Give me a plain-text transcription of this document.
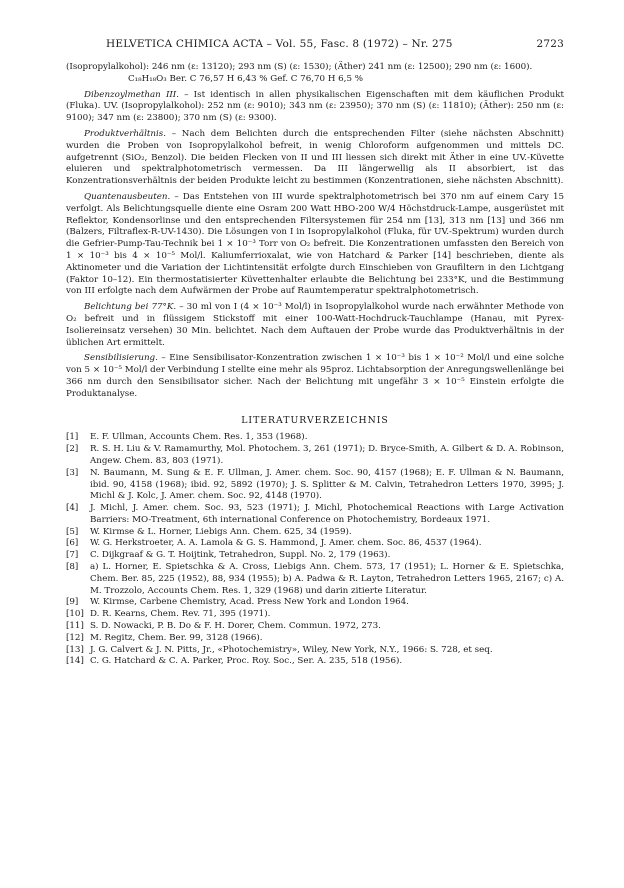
HELVETICA CHIMICA ACTA – Vol. 55, Fasc. 8 (1972) – Nr. 275	2723

(Isopropylalkohol): 246 nm (ε: 13120); 293 nm (S) (ε: 1530); (Äther) 241 nm (ε: 12500); 290 nm (ε: 1600).

C₁₈H₁₈O₃ Ber. C 76,57 H 6,43 % Gef. C 76,70 H 6,5 %

Dibenzoylmethan III. – Ist identisch in allen physikalischen Eigenschaften mit dem käuflichen Produkt (Fluka). UV. (Isopropylalkohol): 252 nm (ε: 9010); 343 nm (ε: 23950); 370 nm (S) (ε: 11810); (Äther): 250 nm (ε: 9100); 347 nm (ε: 23800); 370 nm (S) (ε: 9300).

Produktverhältnis. – Nach dem Belichten durch die entsprechenden Filter (siehe nächsten Abschnitt) wurden die Proben von Isopropylalkohol befreit, in wenig Chloroform aufgenommen und mittels DC. aufgetrennt (SiO₂, Benzol). Die beiden Flecken von II und III liessen sich direkt mit Äther in eine UV.-Küvette eluieren und spektralphotometrisch vermessen. Da III längerwellig als II absorbiert, ist das Konzentrationsverhältnis der beiden Produkte leicht zu bestimmen (Konzentrationen, siehe nächsten Abschnitt).

Quantenausbeuten. – Das Entstehen von III wurde spektralphotometrisch bei 370 nm auf einem Cary 15 verfolgt. Als Belichtungsquelle diente eine Osram 200 Watt HBO-200 W/4 Höchstdruck-Lampe, ausgerüstet mit Reflektor, Kondensorlinse und den entsprechenden Filtersystemen für 254 nm [13], 313 nm [13] und 366 nm (Balzers, Filtraflex-R-UV-1430). Die Lösungen von I in Isopropylalkohol (Fluka, für UV.-Spektrum) wurden durch die Gefrier-Pump-Tau-Technik bei 1 × 10⁻³ Torr von O₂ befreit. Die Konzentrationen umfassten den Bereich von 1 × 10⁻³ bis 4 × 10⁻⁵ Mol/l. Kaliumferrioxalat, wie von Hatchard & Parker [14] beschrieben, diente als Aktinometer und die Variation der Lichtintensität erfolgte durch Einschieben von Graufiltern in den Lichtgang (Faktor 10–12). Ein thermostatisierter Küvettenhalter erlaubte die Belichtung bei 233°K, und die Bestimmung von III erfolgte nach dem Aufwärmen der Probe auf Raumtemperatur spektralphotometrisch.

Belichtung bei 77°K. – 30 ml von I (4 × 10⁻³ Mol/l) in Isopropylalkohol wurde nach erwähnter Methode von O₂ befreit und in flüssigem Stickstoff mit einer 100-Watt-Hochdruck-Tauchlampe (Hanau, mit Pyrex-Isoliereinsatz versehen) 30 Min. belichtet. Nach dem Auftauen der Probe wurde das Produktverhältnis in der üblichen Art ermittelt.

Sensibilisierung. – Eine Sensibilisator-Konzentration zwischen 1 × 10⁻³ bis 1 × 10⁻² Mol/l und eine solche von 5 × 10⁻⁵ Mol/l der Verbindung I stellte eine mehr als 95proz. Lichtabsorption der Anregungswellenlänge bei 366 nm durch den Sensibilisator sicher. Nach der Belichtung mit ungefähr 3 × 10⁻⁵ Einstein erfolgte die Produktanalyse.

LITERATURVERZEICHNIS

[1] E. F. Ullman, Accounts Chem. Res. 1, 353 (1968).

[2] R. S. H. Liu & V. Ramamurthy, Mol. Photochem. 3, 261 (1971); D. Bryce-Smith, A. Gilbert & D. A. Robinson, Angew. Chem. 83, 803 (1971).

[3] N. Baumann, M. Sung & E. F. Ullman, J. Amer. chem. Soc. 90, 4157 (1968); E. F. Ullman & N. Baumann, ibid. 90, 4158 (1968); ibid. 92, 5892 (1970); J. S. Splitter & M. Calvin, Tetrahedron Letters 1970, 3995; J. Michl & J. Kolc, J. Amer. chem. Soc. 92, 4148 (1970).

[4] J. Michl, J. Amer. chem. Soc. 93, 523 (1971); J. Michl, Photochemical Reactions with Large Activation Barriers: MO-Treatment, 6th international Conference on Photochemistry, Bordeaux 1971.

[5] W. Kirmse & L. Horner, Liebigs Ann. Chem. 625, 34 (1959).

[6] W. G. Herkstroeter, A. A. Lamola & G. S. Hammond, J. Amer. chem. Soc. 86, 4537 (1964).

[7] C. Dijkgraaf & G. T. Hoijtink, Tetrahedron, Suppl. No. 2, 179 (1963).

[8] a) L. Horner, E. Spietschka & A. Cross, Liebigs Ann. Chem. 573, 17 (1951); L. Horner & E. Spietschka, Chem. Ber. 85, 225 (1952), 88, 934 (1955); b) A. Padwa & R. Layton, Tetrahedron Letters 1965, 2167; c) A. M. Trozzolo, Accounts Chem. Res. 1, 329 (1968) und darin zitierte Literatur.

[9] W. Kirmse, Carbene Chemistry, Acad. Press New York and London 1964.

[10] D. R. Kearns, Chem. Rev. 71, 395 (1971).

[11] S. D. Nowacki, P. B. Do & F. H. Dorer, Chem. Commun. 1972, 273.

[12] M. Regitz, Chem. Ber. 99, 3128 (1966).

[13] J. G. Calvert & J. N. Pitts, Jr., «Photochemistry», Wiley, New York, N.Y., 1966: S. 728, et seq.

[14] C. G. Hatchard & C. A. Parker, Proc. Roy. Soc., Ser. A. 235, 518 (1956).
